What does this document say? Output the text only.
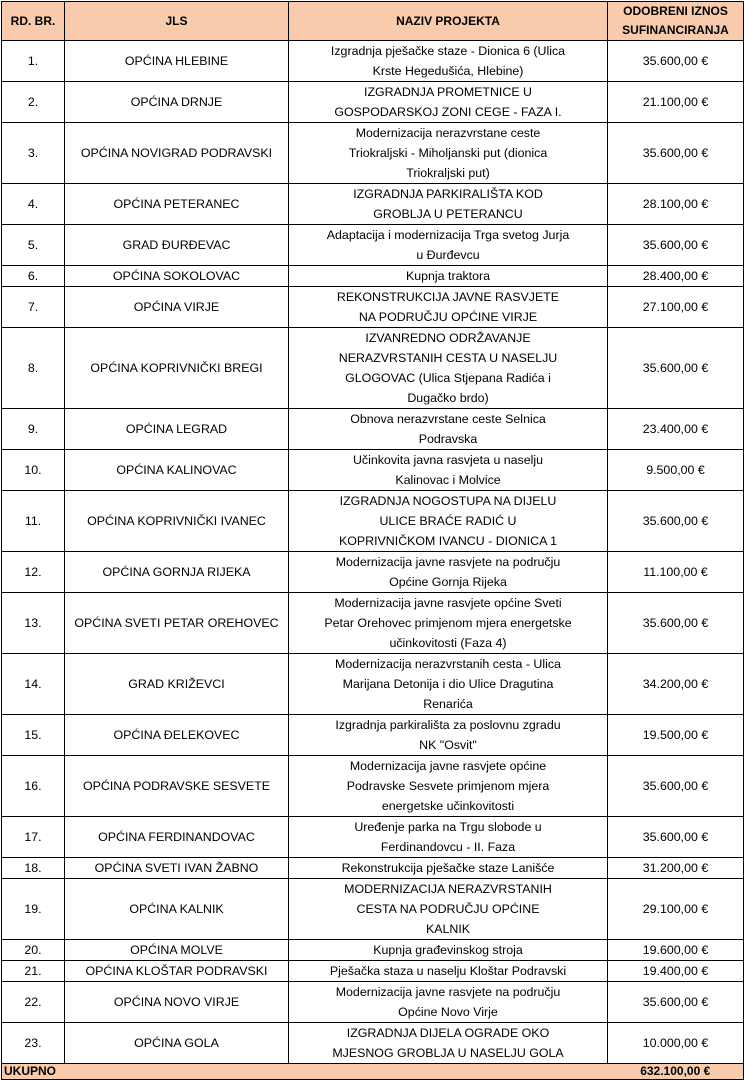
RD. BR.	JLS	NAZIV PROJEKTA	ODOBRENI IZNOS
SUFINANCIRANJA

1.	OPĆINA HLEBINE	Izgradnja pješačke staze - Dionica 6 (Ulica
Krste Hegedušića, Hlebine)	35.600,00 €
2.	OPĆINA DRNJE	IZGRADNJA PROMETNICE U
GOSPODARSKOJ ZONI CEGE - FAZA I.	21.100,00 €
3.	OPĆINA NOVIGRAD PODRAVSKI	Modernizacija nerazvrstane ceste
Triokraljski - Miholjanski put (dionica
Triokraljski put)	35.600,00 €
4.	OPĆINA PETERANEC	IZGRADNJA PARKIRALIŠTA KOD
GROBLJA U PETERANCU	28.100,00 €
5.	GRAD ĐURĐEVAC	Adaptacija i modernizacija Trga svetog Jurja
u Đurđevcu	35.600,00 €
6.	OPĆINA SOKOLOVAC	Kupnja traktora	28.400,00 €
7.	OPĆINA VIRJE	REKONSTRUKCIJA JAVNE RASVJETE
NA PODRUČJU OPĆINE VIRJE	27.100,00 €
8.	OPĆINA KOPRIVNIČKI BREGI	IZVANREDNO ODRŽAVANJE
NERAZVRSTANIH CESTA U NASELJU
GLOGOVAC (Ulica Stjepana Radića i
Dugačko brdo)	35.600,00 €
9.	OPĆINA LEGRAD	Obnova nerazvrstane ceste Selnica
Podravska	23.400,00 €
10.	OPĆINA KALINOVAC	Učinkovita javna rasvjeta u naselju
Kalinovac i Molvice	9.500,00 €
11.	OPĆINA KOPRIVNIČKI IVANEC	IZGRADNJA NOGOSTUPA NA DIJELU
ULICE BRAĆE RADIĆ U
KOPRIVNIČKOM IVANCU - DIONICA 1	35.600,00 €
12.	OPĆINA GORNJA RIJEKA	Modernizacija javne rasvjete na području
Općine Gornja Rijeka	11.100,00 €
13.	OPĆINA SVETI PETAR OREHOVEC	Modernizacija javne rasvjete općine Sveti
Petar Orehovec primjenom mjera energetske
učinkovitosti (Faza 4)	35.600,00 €
14.	GRAD KRIŽEVCI	Modernizacija nerazvrstanih cesta - Ulica
Marijana Detonija i dio Ulice Dragutina
Renarića	34.200,00 €
15.	OPĆINA ĐELEKOVEC	Izgradnja parkirališta za poslovnu zgradu
NK "Osvit"	19.500,00 €
16.	OPĆINA PODRAVSKE SESVETE	Modernizacija javne rasvjete općine
Podravske Sesvete primjenom mjera
energetske učinkovitosti	35.600,00 €
17.	OPĆINA FERDINANDOVAC	Uređenje parka na Trgu slobode u
Ferdinandovcu - II. Faza	35.600,00 €
18.	OPĆINA SVETI IVAN ŽABNO	Rekonstrukcija pješačke staze Lanišće	31.200,00 €
19.	OPĆINA KALNIK	MODERNIZACIJA NERAZVRSTANIH
CESTA NA PODRUČJU OPĆINE
KALNIK	29.100,00 €
20.	OPĆINA MOLVE	Kupnja građevinskog stroja	19.600,00 €
21.	OPĆINA KLOŠTAR PODRAVSKI	Pješačka staza u naselju Kloštar Podravski	19.400,00 €
22.	OPĆINA NOVO VIRJE	Modernizacija javne rasvjete na području
Općine Novo Virje	35.600,00 €
23.	OPĆINA GOLA	IZGRADNJA DIJELA OGRADE OKO
MJESNOG GROBLJA U NASELJU GOLA	10.000,00 €
UKUPNO			632.100,00 €
